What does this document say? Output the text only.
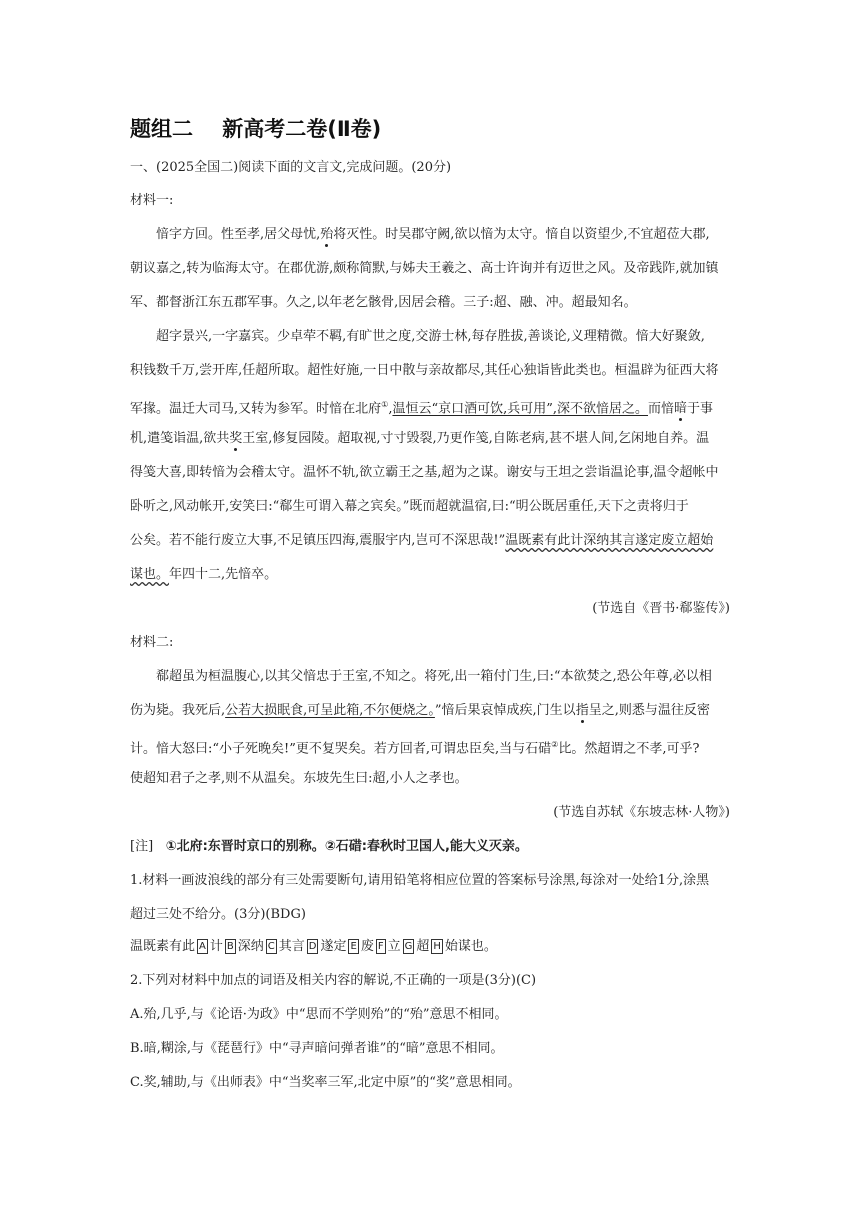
题组二    新高考二卷(Ⅱ卷)

一、(2025全国二)阅读下面的文言文,完成问题。(20分)

材料一:

愔字方回。性至孝,居父母忧,殆将灭性。时吴郡守阙,欲以愔为太守。愔自以资望少,不宜超莅大郡,

朝议嘉之,转为临海太守。在郡优游,颇称简默,与姊夫王羲之、高士许询并有迈世之风。及帝践阼,就加镇

军、都督浙江东五郡军事。久之,以年老乞骸骨,因居会稽。三子:超、融、冲。超最知名。

超字景兴,一字嘉宾。少卓荦不羁,有旷世之度,交游士林,每存胜拔,善谈论,义理精微。愔大好聚敛,

积钱数千万,尝开库,任超所取。超性好施,一日中散与亲故都尽,其任心独诣皆此类也。桓温辟为征西大将

军掾。温迁大司马,又转为参军。时愔在北府①,温恒云“京口酒可饮,兵可用”,深不欲愔居之。而愔暗于事

机,遣笺诣温,欲共奖王室,修复园陵。超取视,寸寸毁裂,乃更作笺,自陈老病,甚不堪人间,乞闲地自养。温

得笺大喜,即转愔为会稽太守。温怀不轨,欲立霸王之基,超为之谋。谢安与王坦之尝诣温论事,温令超帐中

卧听之,风动帐开,安笑曰:“郗生可谓入幕之宾矣。”既而超就温宿,曰:“明公既居重任,天下之责将归于

公矣。若不能行废立大事,不足镇压四海,震服宇内,岂可不深思哉!”温既素有此计深纳其言遂定废立超始

谋也。年四十二,先愔卒。

(节选自《晋书·郗鉴传》)

材料二:

郗超虽为桓温腹心,以其父愔忠于王室,不知之。将死,出一箱付门生,曰:“本欲焚之,恐公年尊,必以相

伤为毙。我死后,公若大损眠食,可呈此箱,不尔便烧之。”愔后果哀悼成疾,门生以指呈之,则悉与温往反密

计。愔大怒曰:“小子死晚矣!”更不复哭矣。若方回者,可谓忠臣矣,当与石碏②比。然超谓之不孝,可乎?

使超知君子之孝,则不从温矣。东坡先生曰:超,小人之孝也。

(节选自苏轼《东坡志林·人物》)

[注] ①北府:东晋时京口的别称。②石碏:春秋时卫国人,能大义灭亲。

1.材料一画波浪线的部分有三处需要断句,请用铅笔将相应位置的答案标号涂黑,每涂对一处给1分,涂黑

超过三处不给分。(3分)(BDG)

温既素有此 A 计 B 深纳 C 其言 D 遂定 E 废 F 立 G 超 H 始谋也。

2.下列对材料中加点的词语及相关内容的解说,不正确的一项是(3分)(C)

A.殆,几乎,与《论语·为政》中“思而不学则殆”的“殆”意思不相同。

B.暗,糊涂,与《琵琶行》中“寻声暗问弹者谁”的“暗”意思不相同。

C.奖,辅助,与《出师表》中“当奖率三军,北定中原”的“奖”意思相同。
